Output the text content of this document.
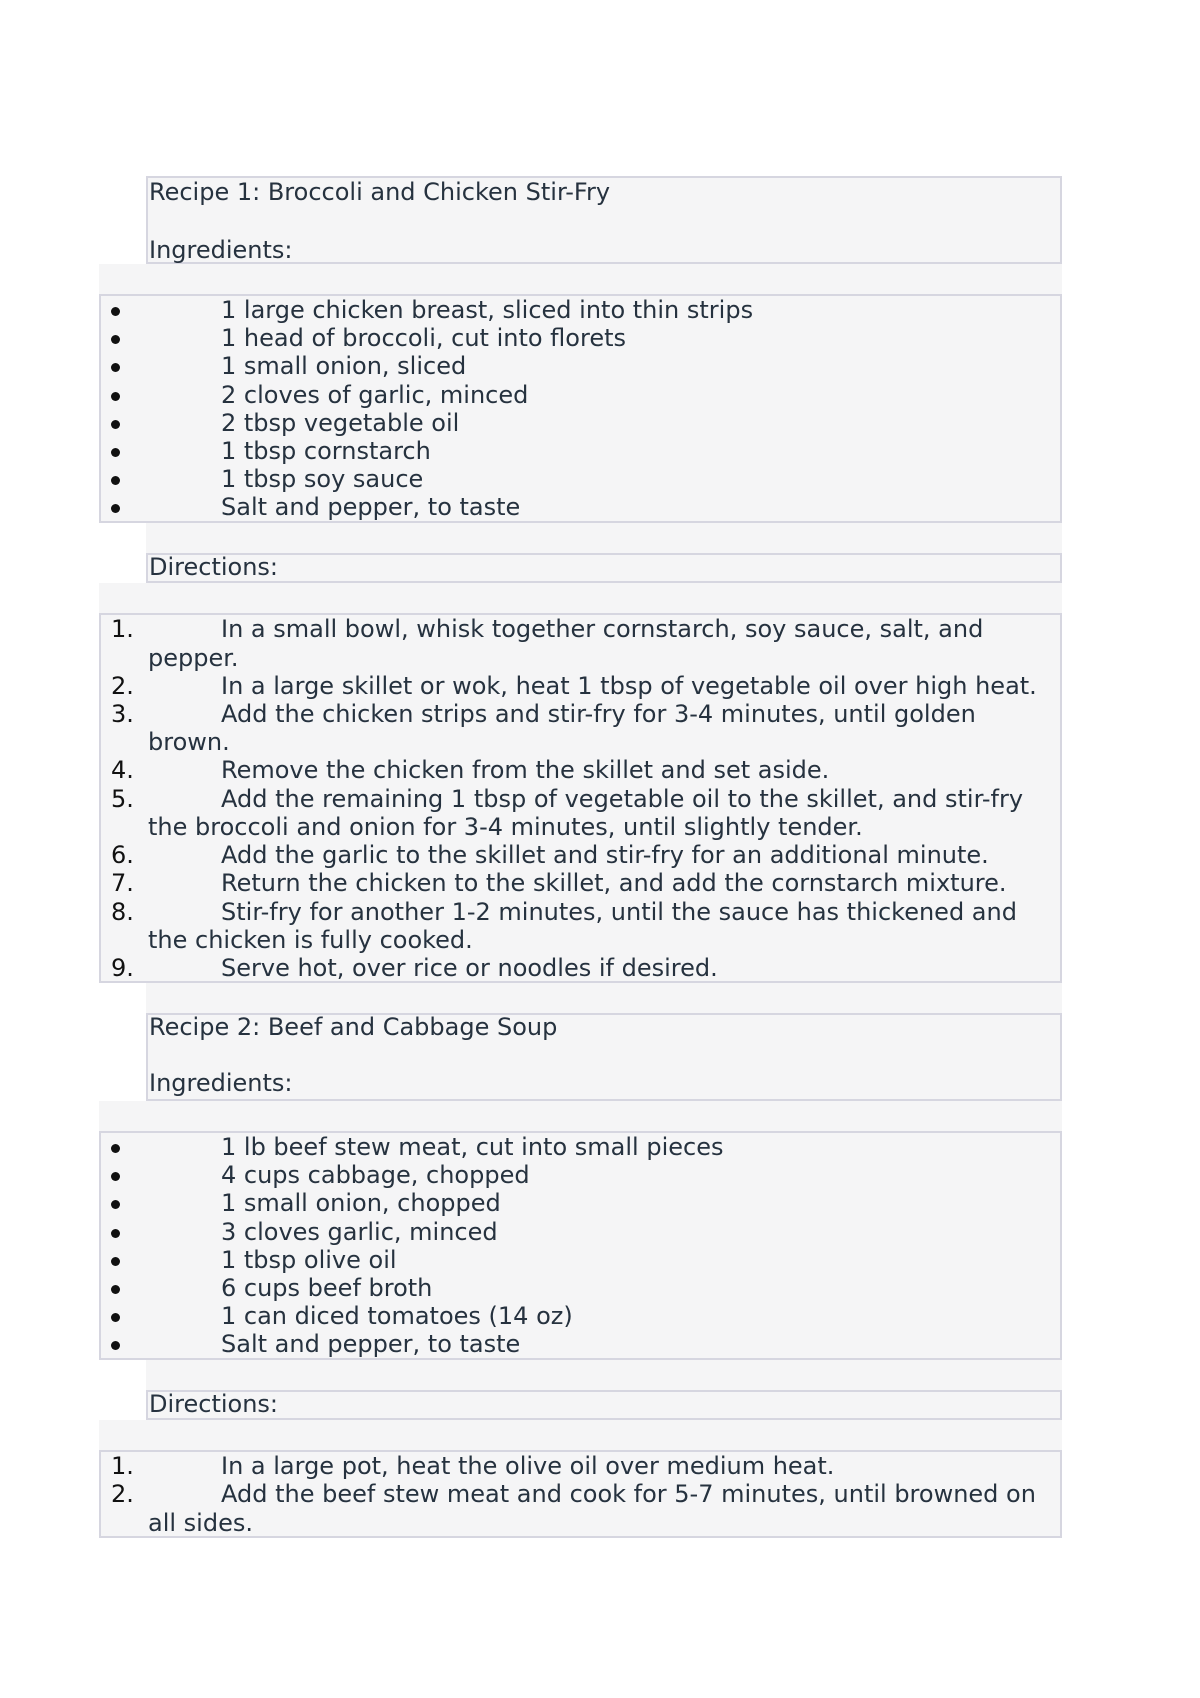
Recipe 1: Broccoli and Chicken Stir-Fry
Ingredients:
1 large chicken breast, sliced into thin strips
1 head of broccoli, cut into florets
1 small onion, sliced
2 cloves of garlic, minced
2 tbsp vegetable oil
1 tbsp cornstarch
1 tbsp soy sauce
Salt and pepper, to taste
Directions:
1.	In a small bowl, whisk together cornstarch, soy sauce, salt, and
pepper.
2.	In a large skillet or wok, heat 1 tbsp of vegetable oil over high heat.
3.	Add the chicken strips and stir-fry for 3-4 minutes, until golden
brown.
4.	Remove the chicken from the skillet and set aside.
5.	Add the remaining 1 tbsp of vegetable oil to the skillet, and stir-fry
the broccoli and onion for 3-4 minutes, until slightly tender.
6.	Add the garlic to the skillet and stir-fry for an additional minute.
7.	Return the chicken to the skillet, and add the cornstarch mixture.
8.	Stir-fry for another 1-2 minutes, until the sauce has thickened and
the chicken is fully cooked.
9.	Serve hot, over rice or noodles if desired.
Recipe 2: Beef and Cabbage Soup
Ingredients:
1 lb beef stew meat, cut into small pieces
4 cups cabbage, chopped
1 small onion, chopped
3 cloves garlic, minced
1 tbsp olive oil
6 cups beef broth
1 can diced tomatoes (14 oz)
Salt and pepper, to taste
Directions:
1.	In a large pot, heat the olive oil over medium heat.
2.	Add the beef stew meat and cook for 5-7 minutes, until browned on
all sides.
